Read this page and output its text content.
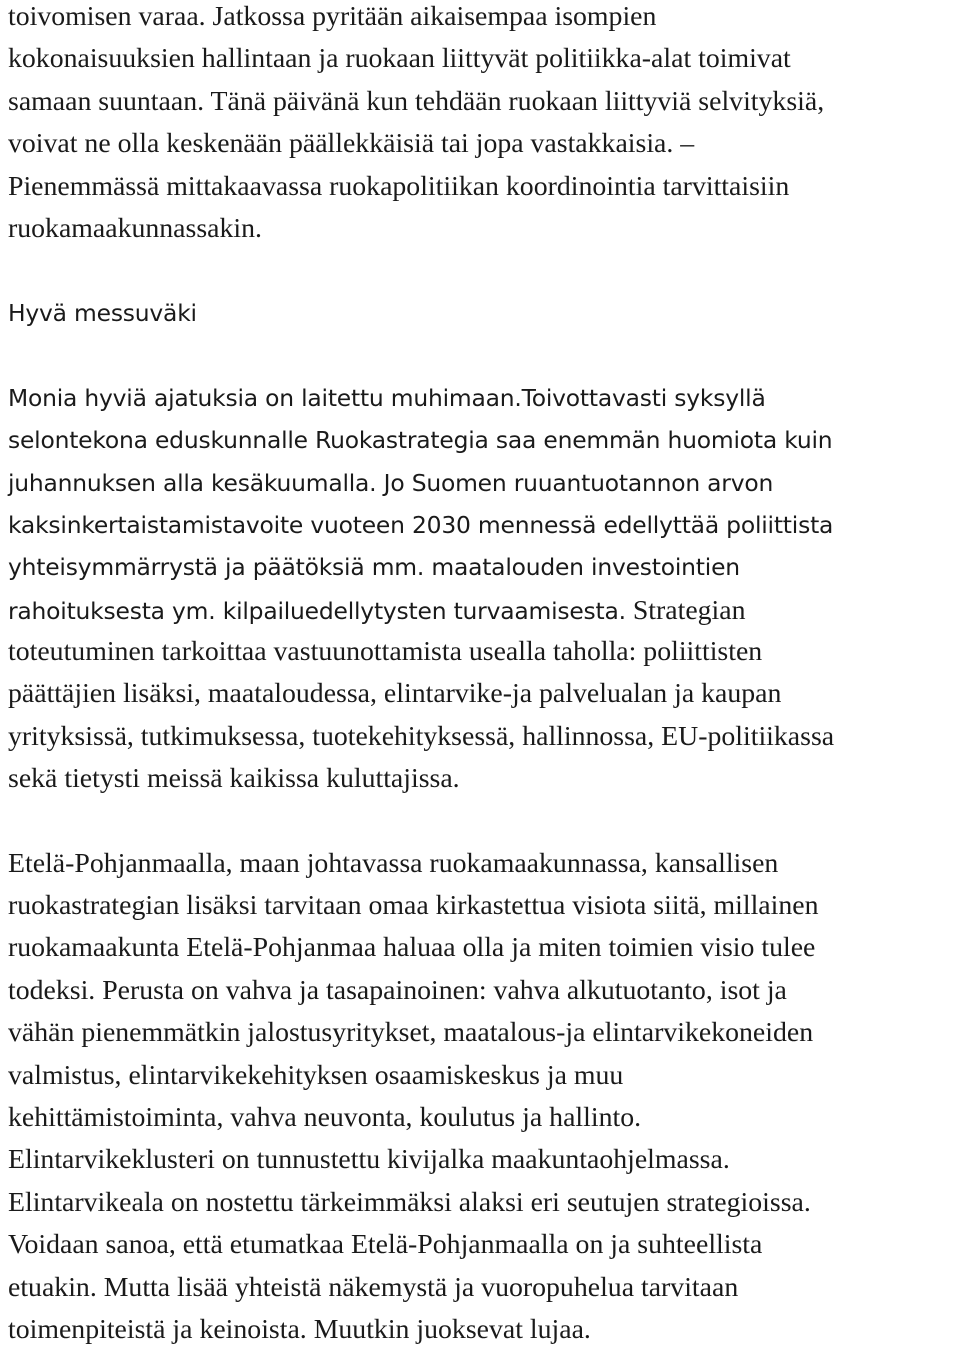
toivomisen varaa. Jatkossa pyritään aikaisempaa isompien
kokonaisuuksien hallintaan ja ruokaan liittyvät politiikka-alat toimivat
samaan suuntaan. Tänä päivänä kun tehdään ruokaan liittyviä selvityksiä,
voivat ne olla keskenään päällekkäisiä tai jopa vastakkaisia. –
Pienemmässä mittakaavassa ruokapolitiikan koordinointia tarvittaisiin
ruokamaakunnassakin.
Hyvä messuväki
Monia hyviä ajatuksia on laitettu muhimaan.Toivottavasti syksyllä
selontekona eduskunnalle Ruokastrategia saa enemmän huomiota kuin
juhannuksen alla kesäkuumalla. Jo Suomen ruuantuotannon arvon
kaksinkertaistamistavoite vuoteen 2030 mennessä edellyttää poliittista
yhteisymmärrystä ja päätöksiä mm. maatalouden investointien
rahoituksesta ym. kilpailuedellytysten turvaamisesta. Strategian
toteutuminen tarkoittaa vastuunottamista usealla taholla: poliittisten
päättäjien lisäksi, maataloudessa, elintarvike-ja palvelualan ja kaupan
yrityksissä, tutkimuksessa, tuotekehityksessä, hallinnossa, EU-politiikassa
sekä tietysti meissä kaikissa kuluttajissa.
Etelä-Pohjanmaalla, maan johtavassa ruokamaakunnassa, kansallisen
ruokastrategian lisäksi tarvitaan omaa kirkastettua visiota siitä, millainen
ruokamaakunta Etelä-Pohjanmaa haluaa olla ja miten toimien visio tulee
todeksi. Perusta on vahva ja tasapainoinen: vahva alkutuotanto, isot ja
vähän pienemmätkin jalostusyritykset, maatalous-ja elintarvikekoneiden
valmistus, elintarvikekehityksen osaamiskeskus ja muu
kehittämistoiminta, vahva neuvonta, koulutus ja hallinto.
Elintarvikeklusteri on tunnustettu kivijalka maakuntaohjelmassa.
Elintarvikeala on nostettu tärkeimmäksi alaksi eri seutujen strategioissa.
Voidaan sanoa, että etumatkaa Etelä-Pohjanmaalla on ja suhteellista
etuakin. Mutta lisää yhteistä näkemystä ja vuoropuhelua tarvitaan
toimenpiteistä ja keinoista. Muutkin juoksevat lujaa.
